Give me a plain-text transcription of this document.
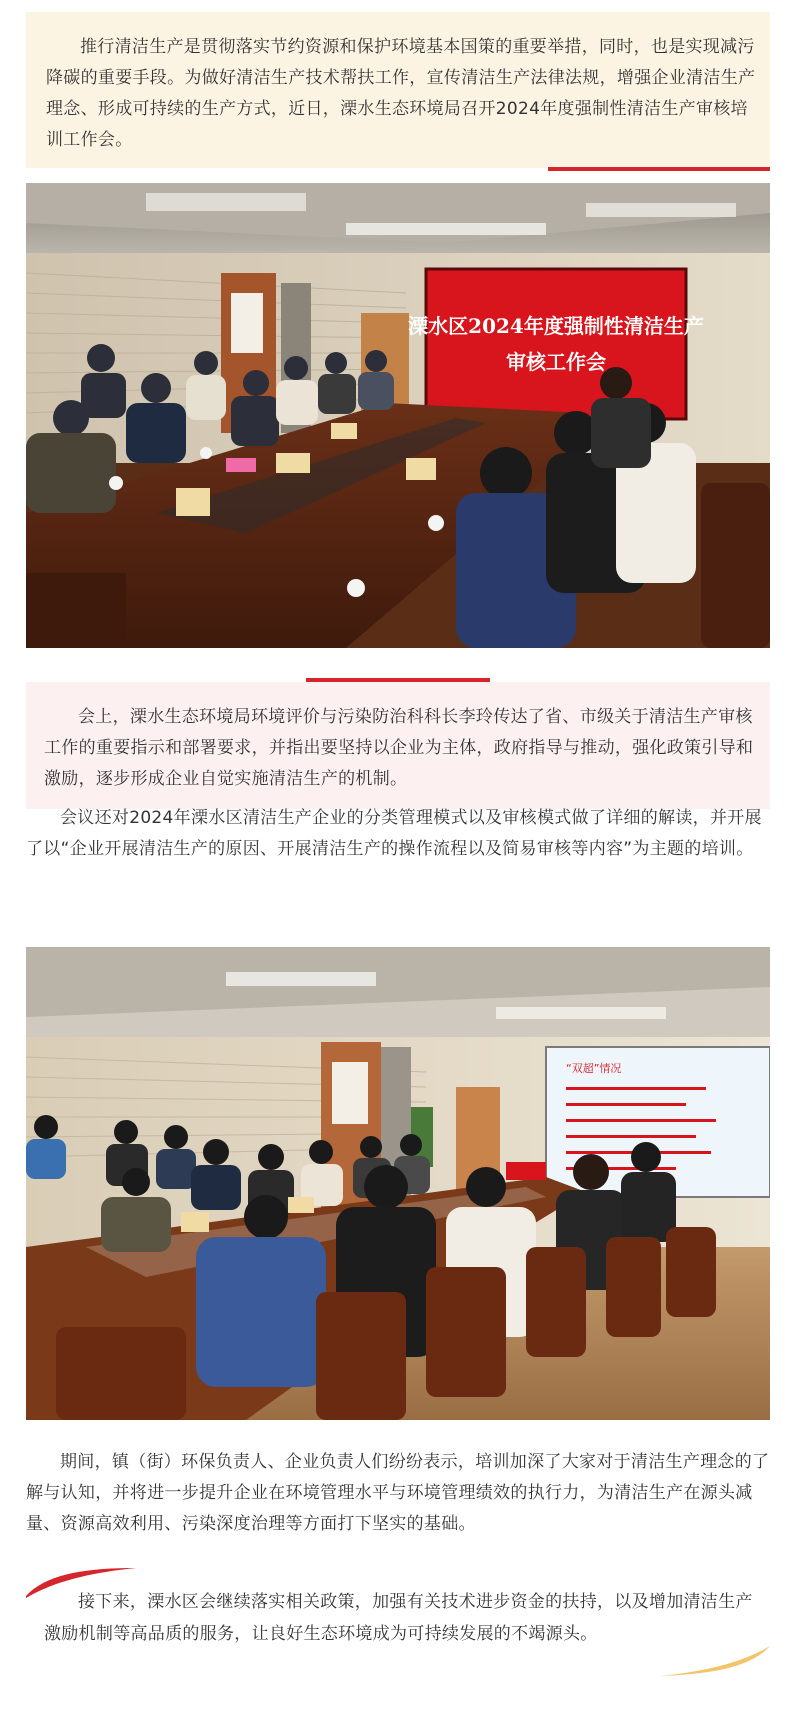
推行清洁生产是贯彻落实节约资源和保护环境基本国策的重要举措，同时，也是实现减污降碳的重要手段。为做好清洁生产技术帮扶工作，宣传清洁生产法律法规，增强企业清洁生产理念、形成可持续的生产方式，近日，溧水生态环境局召开2024年度强制性清洁生产审核培训工作会。

溧水区2024年度强制性清洁生产
审核工作会

会上，溧水生态环境局环境评价与污染防治科科长李玲传达了省、市级关于清洁生产审核工作的重要指示和部署要求，并指出要坚持以企业为主体，政府指导与推动，强化政策引导和激励，逐步形成企业自觉实施清洁生产的机制。

会议还对2024年溧水区清洁生产企业的分类管理模式以及审核模式做了详细的解读，并开展了以“企业开展清洁生产的原因、开展清洁生产的操作流程以及简易审核等内容”为主题的培训。

“双超”情况

期间，镇（街）环保负责人、企业负责人们纷纷表示，培训加深了大家对于清洁生产理念的了解与认知，并将进一步提升企业在环境管理水平与环境管理绩效的执行力，为清洁生产在源头减量、资源高效利用、污染深度治理等方面打下坚实的基础。

接下来，溧水区会继续落实相关政策，加强有关技术进步资金的扶持，以及增加清洁生产激励机制等高品质的服务，让良好生态环境成为可持续发展的不竭源头。
